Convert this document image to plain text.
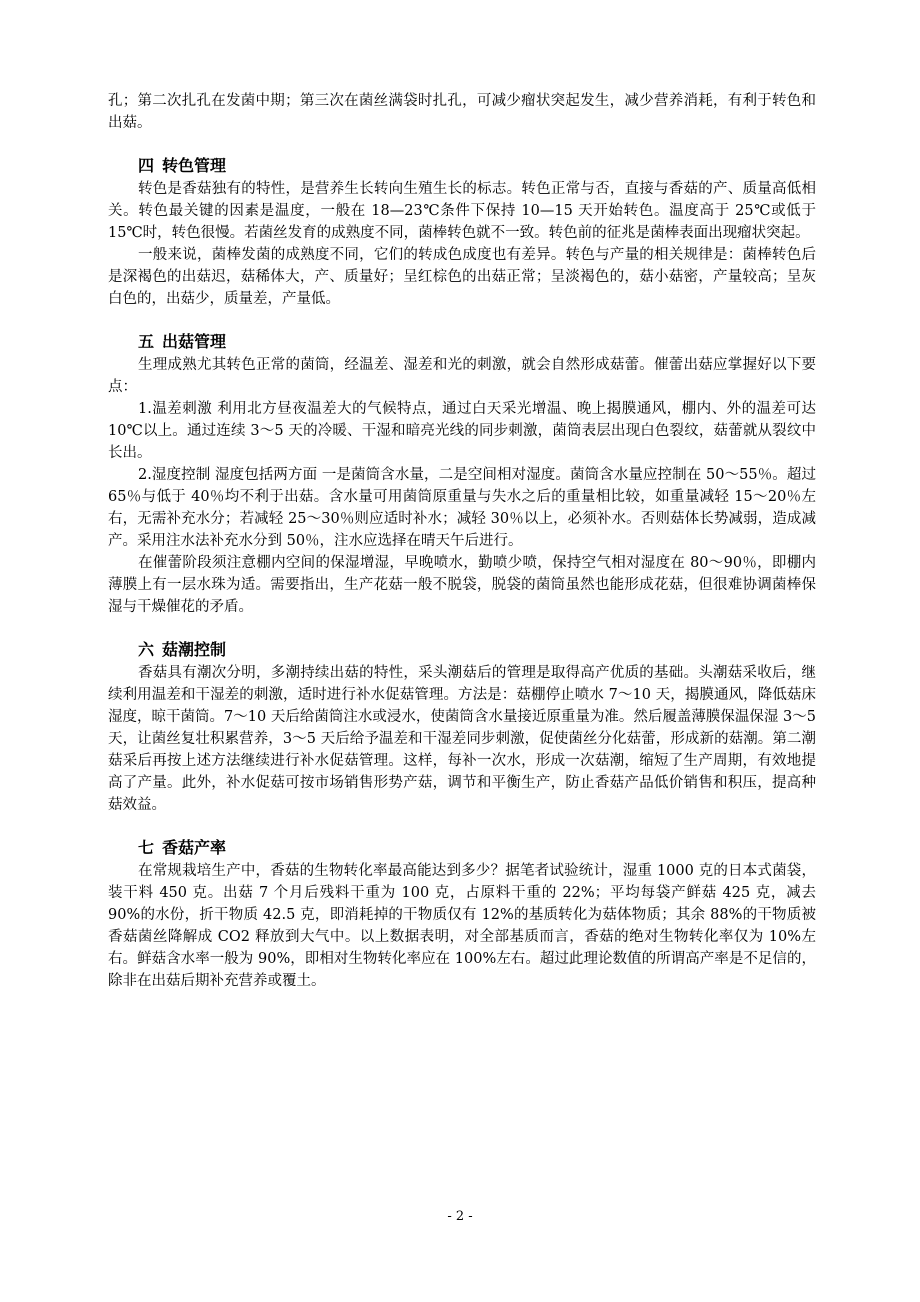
孔；第二次扎孔在发菌中期；第三次在菌丝满袋时扎孔，可减少瘤状突起发生，减少营养消耗，有利于转色和出菇。

四 转色管理

转色是香菇独有的特性，是营养生长转向生殖生长的标志。转色正常与否，直接与香菇的产、质量高低相关。转色最关键的因素是温度，一般在 18—23℃条件下保持 10—15 天开始转色。温度高于 25℃或低于 15℃时，转色很慢。若菌丝发育的成熟度不同，菌棒转色就不一致。转色前的征兆是菌棒表面出现瘤状突起。

一般来说，菌棒发菌的成熟度不同，它们的转成色成度也有差异。转色与产量的相关规律是：菌棒转色后是深褐色的出菇迟，菇稀体大，产、质量好；呈红棕色的出菇正常；呈淡褐色的，菇小菇密，产量较高；呈灰白色的，出菇少，质量差，产量低。

五 出菇管理

生理成熟尤其转色正常的菌筒，经温差、湿差和光的刺激，就会自然形成菇蕾。催蕾出菇应掌握好以下要点：

1.温差刺激 利用北方昼夜温差大的气候特点，通过白天采光增温、晚上揭膜通风，棚内、外的温差可达 10℃以上。通过连续 3～5 天的冷暖、干湿和暗亮光线的同步刺激，菌筒表层出现白色裂纹，菇蕾就从裂纹中长出。

2.湿度控制 湿度包括两方面 一是菌筒含水量，二是空间相对湿度。菌筒含水量应控制在 50～55％。超过 65％与低于 40％均不利于出菇。含水量可用菌筒原重量与失水之后的重量相比较，如重量减轻 15～20％左右，无需补充水分；若减轻 25～30％则应适时补水；减轻 30％以上，必须补水。否则菇体长势减弱，造成减产。采用注水法补充水分到 50％，注水应选择在晴天午后进行。

在催蕾阶段须注意棚内空间的保湿增湿，早晚喷水，勤喷少喷，保持空气相对湿度在 80～90％，即棚内薄膜上有一层水珠为适。需要指出，生产花菇一般不脱袋，脱袋的菌筒虽然也能形成花菇，但很难协调菌棒保湿与干燥催花的矛盾。

六 菇潮控制

香菇具有潮次分明，多潮持续出菇的特性，采头潮菇后的管理是取得高产优质的基础。头潮菇采收后，继续利用温差和干湿差的刺激，适时进行补水促菇管理。方法是：菇棚停止喷水 7～10 天，揭膜通风，降低菇床湿度，晾干菌筒。7～10 天后给菌筒注水或浸水，使菌筒含水量接近原重量为准。然后履盖薄膜保温保湿 3～5 天，让菌丝复壮积累营养，3～5 天后给予温差和干湿差同步刺激，促使菌丝分化菇蕾，形成新的菇潮。第二潮菇采后再按上述方法继续进行补水促菇管理。这样，每补一次水，形成一次菇潮，缩短了生产周期，有效地提高了产量。此外，补水促菇可按市场销售形势产菇，调节和平衡生产，防止香菇产品低价销售和积压，提高种菇效益。

七 香菇产率

在常规栽培生产中，香菇的生物转化率最高能达到多少？据笔者试验统计，湿重 1000 克的日本式菌袋，装干料 450 克。出菇 7 个月后残料干重为 100 克，占原料干重的 22%；平均每袋产鲜菇 425 克，减去 90%的水份，折干物质 42.5 克，即消耗掉的干物质仅有 12%的基质转化为菇体物质；其余 88%的干物质被香菇菌丝降解成 CO2 释放到大气中。以上数据表明，对全部基质而言，香菇的绝对生物转化率仅为 10%左右。鲜菇含水率一般为 90%，即相对生物转化率应在 100%左右。超过此理论数值的所谓高产率是不足信的，除非在出菇后期补充营养或覆土。

- 2 -
